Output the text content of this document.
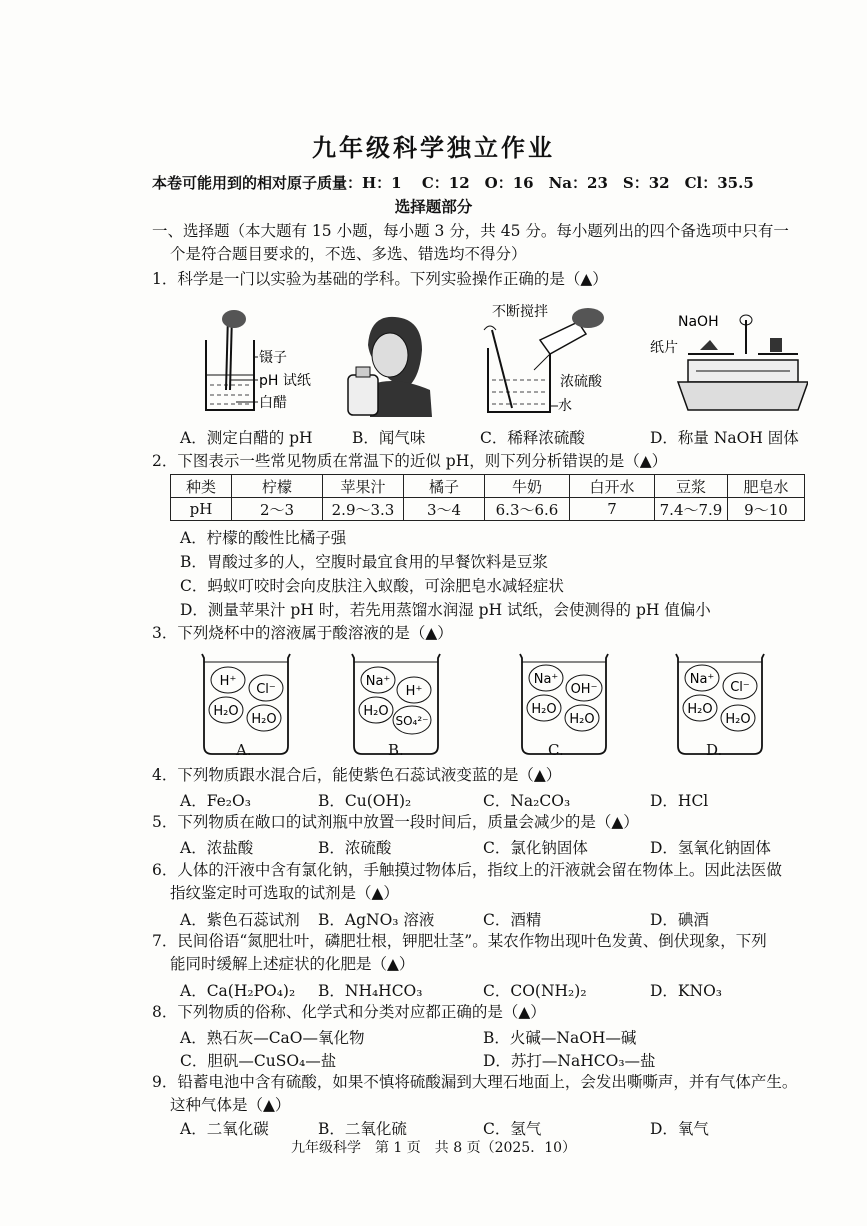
九年级科学独立作业
本卷可能用到的相对原子质量：H：1　 C：12　O：16　Na：23　S：32　Cl：35.5
选择题部分
一、选择题（本大题有 15 小题，每小题 3 分，共 45 分。每小题列出的四个备选项中只有一
个是符合题目要求的，不选、多选、错选均不得分）
1．科学是一门以实验为基础的学科。下列实验操作正确的是（▲）
镊子
pH 试纸
白醋
不断搅拌
浓硫酸
水
NaOH
纸片
A．测定白醋的 pH	B．闻气味	C．稀释浓硫酸	D．称量 NaOH 固体
2．下图表示一些常见物质在常温下的近似 pH，则下列分析错误的是（▲）
种类	柠檬	苹果汁	橘子	牛奶	白开水	豆浆	肥皂水
pH	2～3	2.9～3.3	3～4	6.3～6.6	7	7.4～7.9	9～10
A．柠檬的酸性比橘子强
B．胃酸过多的人，空腹时最宜食用的早餐饮料是豆浆
C．蚂蚁叮咬时会向皮肤注入蚁酸，可涂肥皂水减轻症状
D．测量苹果汁 pH 时，若先用蒸馏水润湿 pH 试纸，会使测得的 pH 值偏小
3．下列烧杯中的溶液属于酸溶液的是（▲）
H⁺
Cl⁻
H₂O
H₂O
Na⁺
H⁺
H₂O
SO₄²⁻
Na⁺
OH⁻
H₂O
H₂O
Na⁺
Cl⁻
H₂O
H₂O
A.	B.	C.	D.
4．下列物质跟水混合后，能使紫色石蕊试液变蓝的是（▲）
A．Fe₂O₃	B．Cu(OH)₂	C．Na₂CO₃	D．HCl
5．下列物质在敞口的试剂瓶中放置一段时间后，质量会减少的是（▲）
A．浓盐酸	B．浓硫酸	C．氯化钠固体	D．氢氧化钠固体
6．人体的汗液中含有氯化钠，手触摸过物体后，指纹上的汗液就会留在物体上。因此法医做
指纹鉴定时可选取的试剂是（▲）
A．紫色石蕊试剂 B．AgNO₃ 溶液	C．酒精	D．碘酒
7．民间俗语“氮肥壮叶，磷肥壮根，钾肥壮茎”。某农作物出现叶色发黄、倒伏现象，下列
能同时缓解上述症状的化肥是（▲）
A．Ca(H₂PO₄)₂ B．NH₄HCO₃	C．CO(NH₂)₂	D．KNO₃
8．下列物质的俗称、化学式和分类对应都正确的是（▲）
A．熟石灰—CaO—氧化物	B．火碱—NaOH—碱
C．胆矾—CuSO₄—盐	D．苏打—NaHCO₃—盐
9．铅蓄电池中含有硫酸，如果不慎将硫酸漏到大理石地面上，会发出嘶嘶声，并有气体产生。
这种气体是（▲）
A．二氧化碳	B．二氧化硫	C．氢气	D．氧气
九年级科学　第 1 页　共 8 页（2025．10）
